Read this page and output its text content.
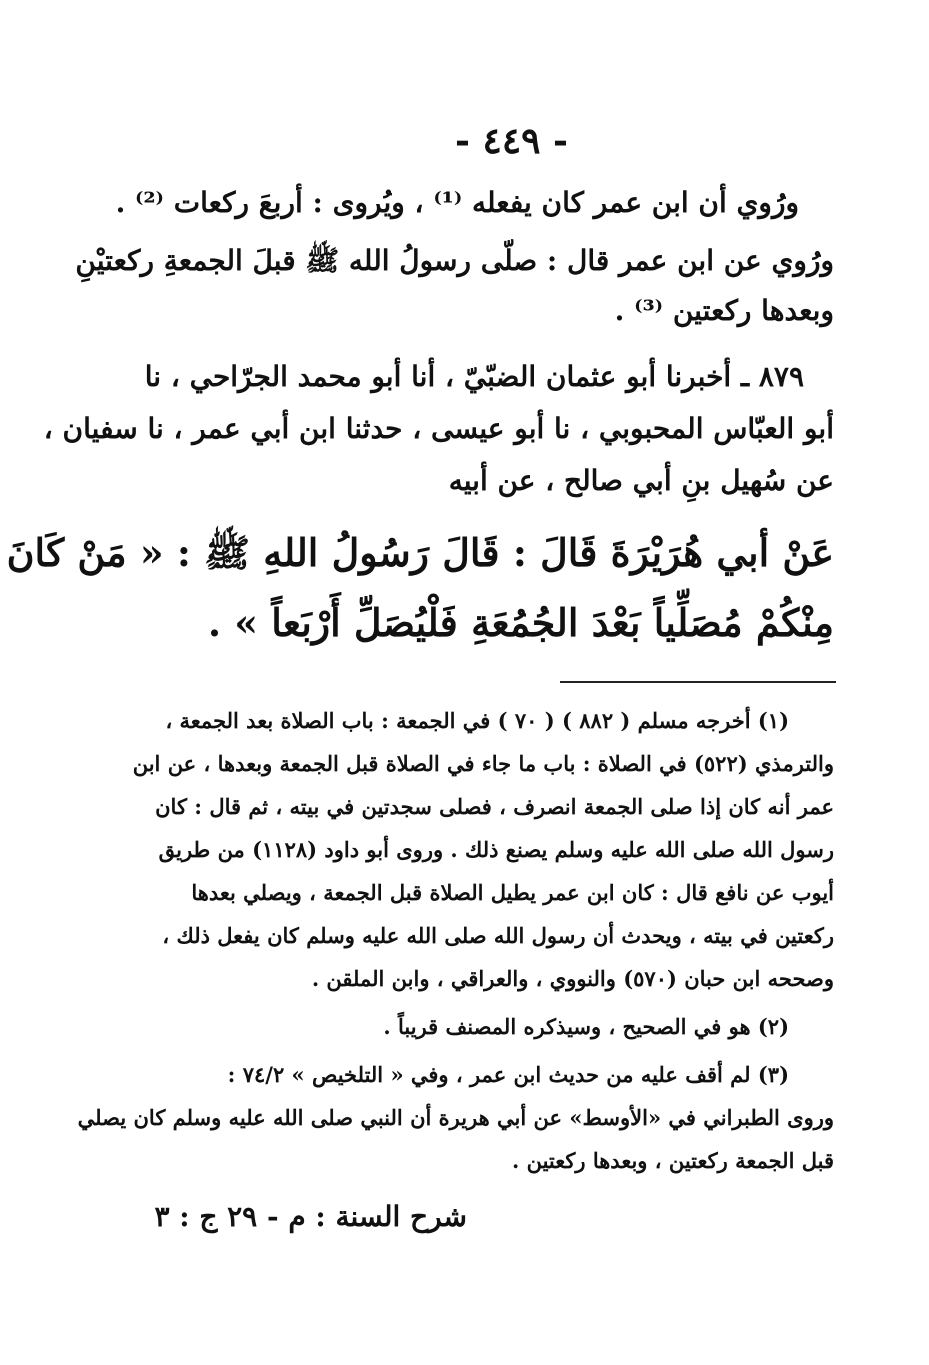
- ٤٤٩ -
ورُوي أن ابن عمر كان يفعله ⁽¹⁾ ، ويُروى : أربعَ ركعات ⁽²⁾ .
ورُوي عن ابن عمر قال : صلّى رسولُ الله ﷺ قبلَ الجمعةِ ركعتيْنِ
وبعدها ركعتين ⁽³⁾ .
٨٧٩ ـ أخبرنا أبو عثمان الضبّيّ ، أنا أبو محمد الجرّاحي ، نا
أبو العبّاس المحبوبي ، نا أبو عيسى ، حدثنا ابن أبي عمر ، نا سفيان ،
عن سُهيل بنِ أبي صالح ، عن أبيه
عَنْ أبي هُرَيْرَةَ قَالَ : قَالَ رَسُولُ اللهِ ﷺ : « مَنْ كَانَ
مِنْكُمْ مُصَلِّياً بَعْدَ الجُمُعَةِ فَلْيُصَلِّ أَرْبَعاً » .
(١) أخرجه مسلم ( ٨٨٢ ) ( ٧٠ ) في الجمعة : باب الصلاة بعد الجمعة ،
والترمذي (٥٢٢) في الصلاة : باب ما جاء في الصلاة قبل الجمعة وبعدها ، عن ابن
عمر أنه كان إذا صلى الجمعة انصرف ، فصلى سجدتين في بيته ، ثم قال : كان
رسول الله صلى الله عليه وسلم يصنع ذلك . وروى أبو داود (١١٢٨) من طريق
أيوب عن نافع قال : كان ابن عمر يطيل الصلاة قبل الجمعة ، ويصلي بعدها
ركعتين في بيته ، ويحدث أن رسول الله صلى الله عليه وسلم كان يفعل ذلك ،
وصححه ابن حبان (٥٧٠) والنووي ، والعراقي ، وابن الملقن .
(٢) هو في الصحيح ، وسيذكره المصنف قريباً .
(٣) لم أقف عليه من حديث ابن عمر ، وفي « التلخيص » ٧٤/٢ :
وروى الطبراني في «الأوسط» عن أبي هريرة أن النبي صلى الله عليه وسلم كان يصلي
قبل الجمعة ركعتين ، وبعدها ركعتين .
شرح السنة : م - ٢٩ ج : ٣
